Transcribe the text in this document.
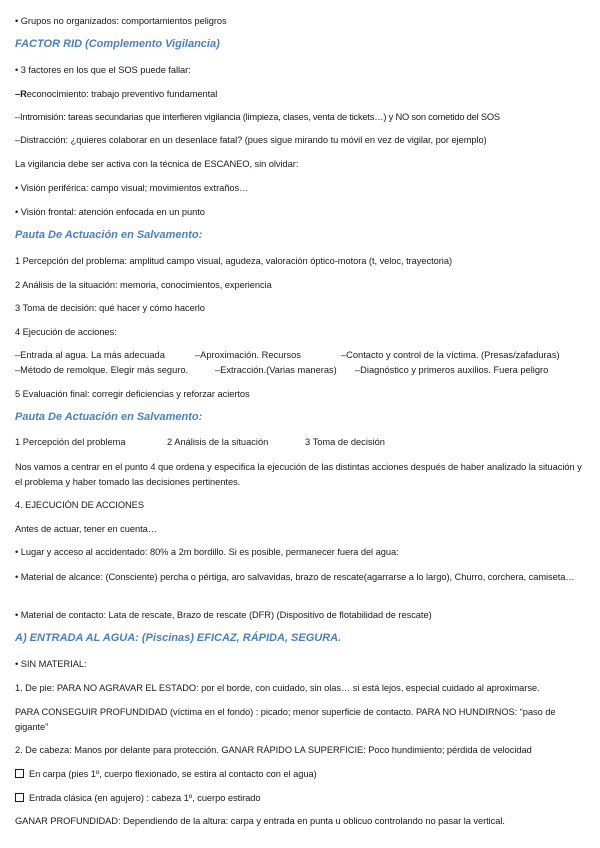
• Grupos no organizados: comportamientos peligros
FACTOR RID (Complemento Vigilancia)
• 3 factores en los que el SOS puede fallar:
–Reconocimiento: trabajo preventivo fundamental
–Intromisión: tareas secundarias que interfieren vigilancia (limpieza, clases, venta de tickets…) y NO son cometido del SOS
–Distracción: ¿quieres colaborar en un desenlace fatal? (pues sigue mirando tu móvil en vez de vigilar, por ejemplo)
La vigilancia debe ser activa con la técnica de ESCANEO, sin olvidar:
• Visión periférica: campo visual; movimientos extraños…
• Visión frontal: atención enfocada en un punto
Pauta De Actuación en Salvamento:
1 Percepción del problema: amplitud campo visual, agudeza, valoración óptico-motora (t, veloc, trayectoria)
2 Análisis de la situación: memoria, conocimientos, experiencia
3 Toma de decisión: qué hacer y cómo hacerlo
4 Ejecución de acciones:
–Entrada al agua. La más adecuada	–Aproximación. Recursos	–Contacto y control de la víctima. (Presas/zafaduras)
–Método de remolque. Elegir más seguro.	–Extracción.(Varias maneras) –Diagnóstico y primeros auxilios. Fuera peligro
5 Evaluación final: corregir deficiencias y reforzar aciertos
Pauta De Actuación en Salvamento:
1 Percepción del problema	2 Análisis de la situación	3 Toma de decisión
Nos vamos a centrar en el punto 4 que ordena y especifica la ejecución de las distintas acciones después de haber analizado la situación y el problema y haber tomado las decisiones pertinentes.
4. EJECUCIÓN DE ACCIONES
Antes de actuar, tener en cuenta…
• Lugar y acceso al accidentado: 80% a 2m bordillo. Si es posible, permanecer fuera del agua:
• Material de alcance: (Consciente) percha o pértiga, aro salvavidas, brazo de rescate(agarrarse a lo largo), Churro, corchera, camiseta…
• Material de contacto: Lata de rescate, Brazo de rescate (DFR) (Dispositivo de flotabilidad de rescate)
A) ENTRADA AL AGUA: (Piscinas) EFICAZ, RÁPIDA, SEGURA.
• SIN MATERIAL:
1. De pie: PARA NO AGRAVAR EL ESTADO: por el borde, con cuidado, sin olas… si está lejos, especial cuidado al aproximarse.
PARA CONSEGUIR PROFUNDIDAD (víctima en el fondo) : picado; menor superficie de contacto. PARA NO HUNDIRNOS: “paso de gigante”
2. De cabeza: Manos por delante para protección. GANAR RÁPIDO LA SUPERFICIE: Poco hundimiento; pérdida de velocidad
En carpa (pies 1º, cuerpo flexionado, se estira al contacto con el agua)
Entrada clásica (en agujero) : cabeza 1º, cuerpo estirado
GANAR PROFUNDIDAD: Dependiendo de la altura: carpa y entrada en punta u oblicuo controlando no pasar la vertical.
